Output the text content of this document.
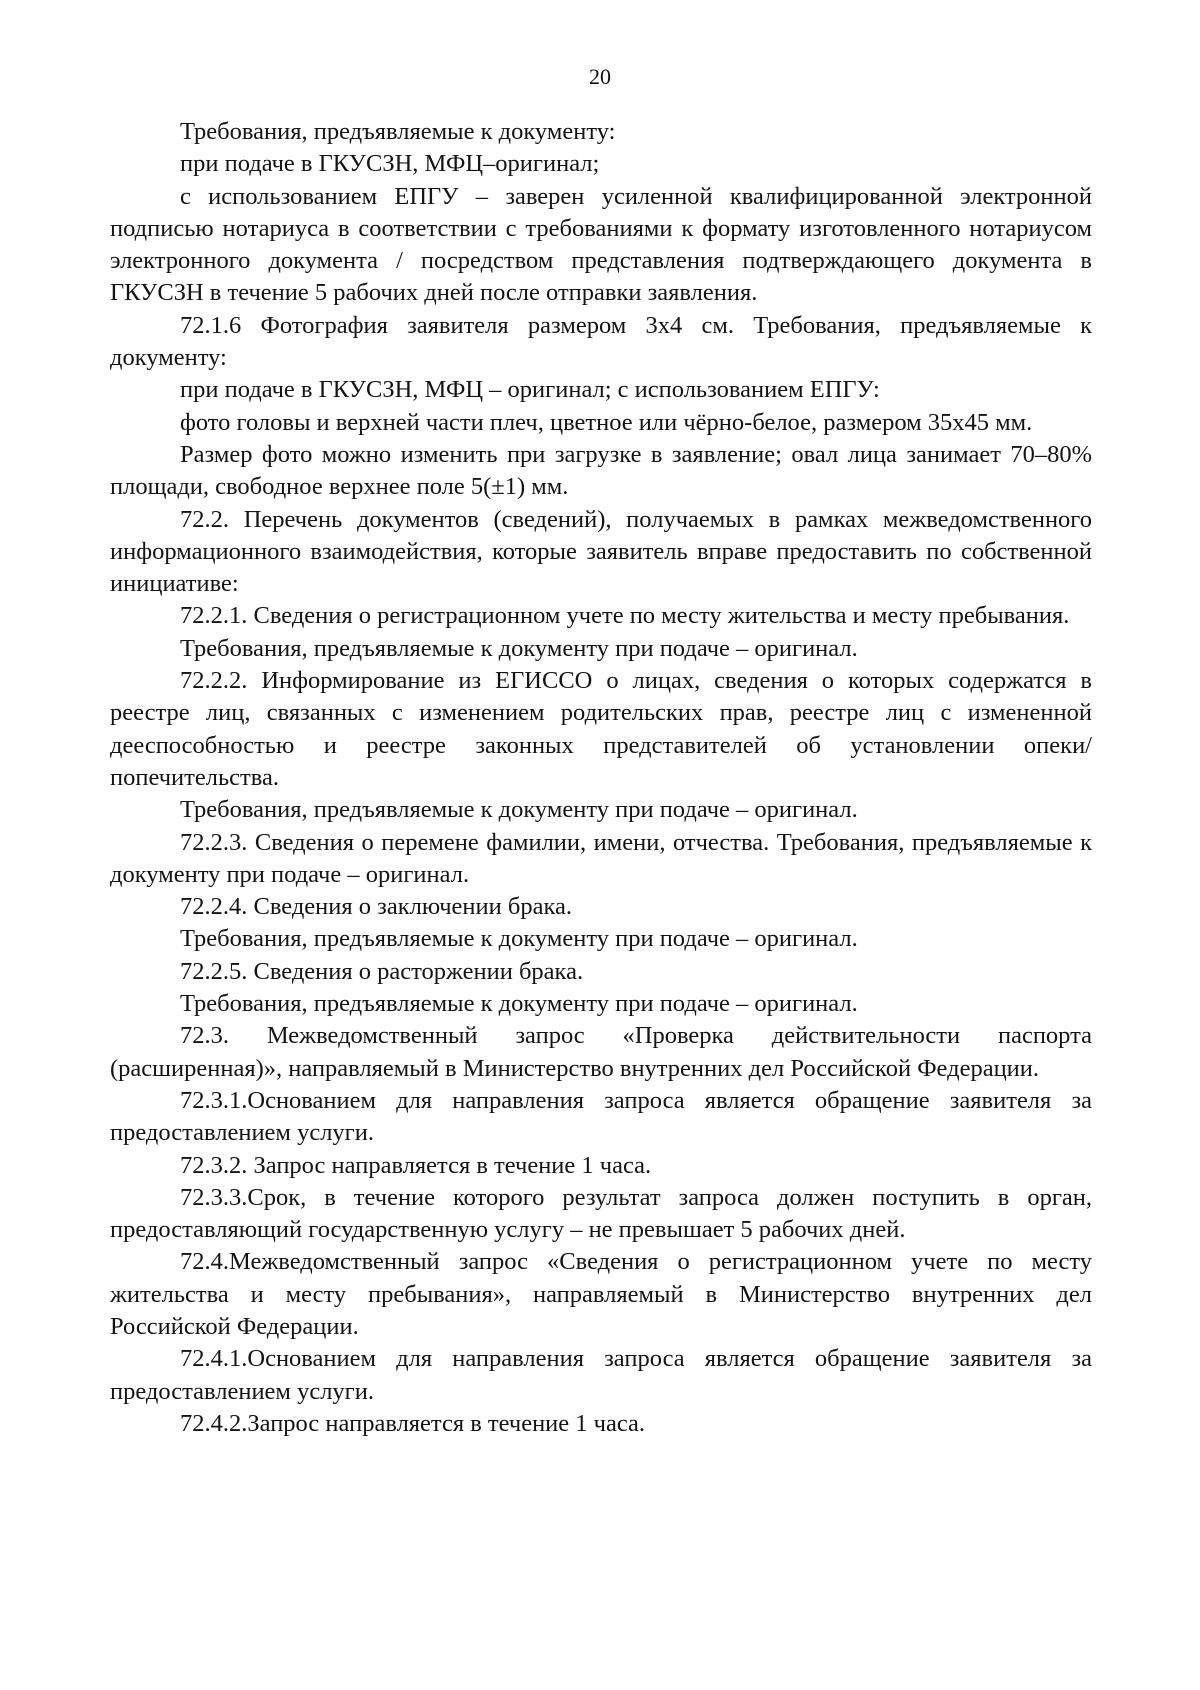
20

Требования, предъявляемые к документу:

при подаче в ГКУСЗН, МФЦ–оригинал;

с использованием ЕПГУ – заверен усиленной квалифицированной электронной подписью нотариуса в соответствии с требованиями к формату изготовленного нотариусом электронного документа / посредством представления подтверждающего документа в ГКУСЗН в течение 5 рабочих дней после отправки заявления.

72.1.6 Фотография заявителя размером 3х4 см. Требования, предъявляемые к документу:

при подаче в ГКУСЗН, МФЦ – оригинал; с использованием ЕПГУ:

фото головы и верхней части плеч, цветное или чёрно-белое, размером 35х45 мм.

Размер фото можно изменить при загрузке в заявление; овал лица занимает 70–80% площади, свободное верхнее поле 5(±1) мм.

72.2. Перечень документов (сведений), получаемых в рамках межведомственного информационного взаимодействия, которые заявитель вправе предоставить по собственной инициативе:

72.2.1. Сведения о регистрационном учете по месту жительства и месту пребывания.

Требования, предъявляемые к документу при подаче – оригинал.

72.2.2. Информирование из ЕГИССО о лицах, сведения о которых содержатся в реестре лиц, связанных с изменением родительских прав, реестре лиц с измененной дееспособностью и реестре законных представителей об установлении опеки/ попечительства.

Требования, предъявляемые к документу при подаче – оригинал.

72.2.3. Сведения о перемене фамилии, имени, отчества. Требования, предъявляемые к документу при подаче – оригинал.

72.2.4. Сведения о заключении брака.

Требования, предъявляемые к документу при подаче – оригинал.

72.2.5. Сведения о расторжении брака.

Требования, предъявляемые к документу при подаче – оригинал.

72.3. Межведомственный запрос «Проверка действительности паспорта (расширенная)», направляемый в Министерство внутренних дел Российской Федерации.

72.3.1.Основанием для направления запроса является обращение заявителя за предоставлением услуги.

72.3.2. Запрос направляется в течение 1 часа.

72.3.3.Срок, в течение которого результат запроса должен поступить в орган, предоставляющий государственную услугу – не превышает 5 рабочих дней.

72.4.Межведомственный запрос «Сведения о регистрационном учете по месту жительства и месту пребывания», направляемый в Министерство внутренних дел Российской Федерации.

72.4.1.Основанием для направления запроса является обращение заявителя за предоставлением услуги.

72.4.2.Запрос направляется в течение 1 часа.
